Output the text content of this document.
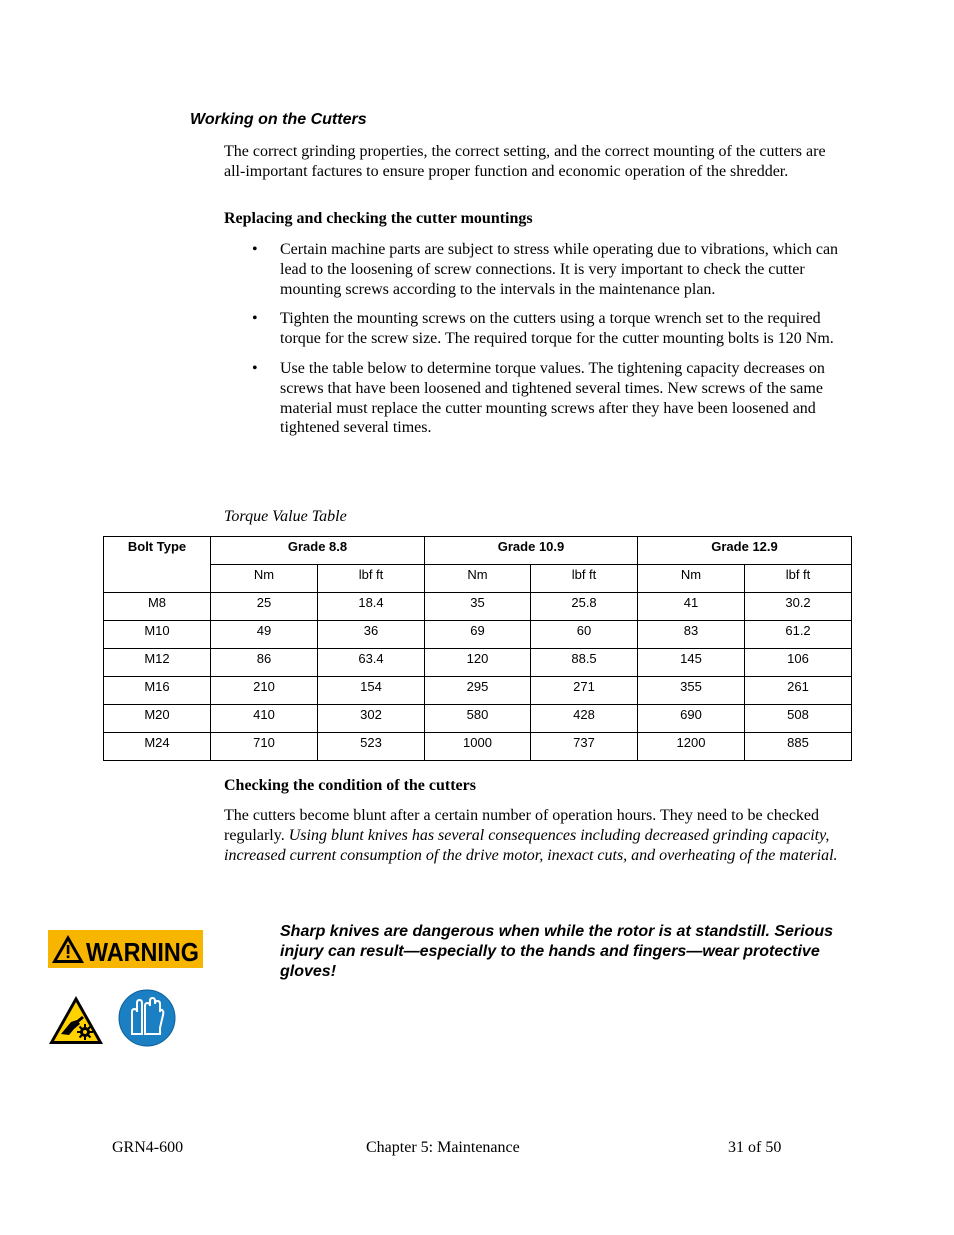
Working on the Cutters
The correct grinding properties, the correct setting, and the correct mounting of the cutters are all-important factures to ensure proper function and economic operation of the shredder.
Replacing and checking the cutter mountings
• Certain machine parts are subject to stress while operating due to vibrations, which can lead to the loosening of screw connections. It is very important to check the cutter mounting screws according to the intervals in the maintenance plan.
• Tighten the mounting screws on the cutters using a torque wrench set to the required torque for the screw size. The required torque for the cutter mounting bolts is 120 Nm.
• Use the table below to determine torque values. The tightening capacity decreases on screws that have been loosened and tightened several times. New screws of the same material must replace the cutter mounting screws after they have been loosened and tightened several times.
Torque Value Table
Bolt Type	Grade 8.8		Grade 10.9		Grade 12.9	
	Nm	lbf ft	Nm	lbf ft	Nm	lbf ft
M8	25	18.4	35	25.8	41	30.2
M10	49	36	69	60	83	61.2
M12	86	63.4	120	88.5	145	106
M16	210	154	295	271	355	261
M20	410	302	580	428	690	508
M24	710	523	1000	737	1200	885
Checking the condition of the cutters
The cutters become blunt after a certain number of operation hours. They need to be checked regularly. Using blunt knives has several consequences including decreased grinding capacity, increased current consumption of the drive motor, inexact cuts, and overheating of the material.
WARNING
Sharp knives are dangerous when while the rotor is at standstill. Serious injury can result—especially to the hands and fingers—wear protective gloves!
GRN4-600	Chapter 5: Maintenance	31 of 50
